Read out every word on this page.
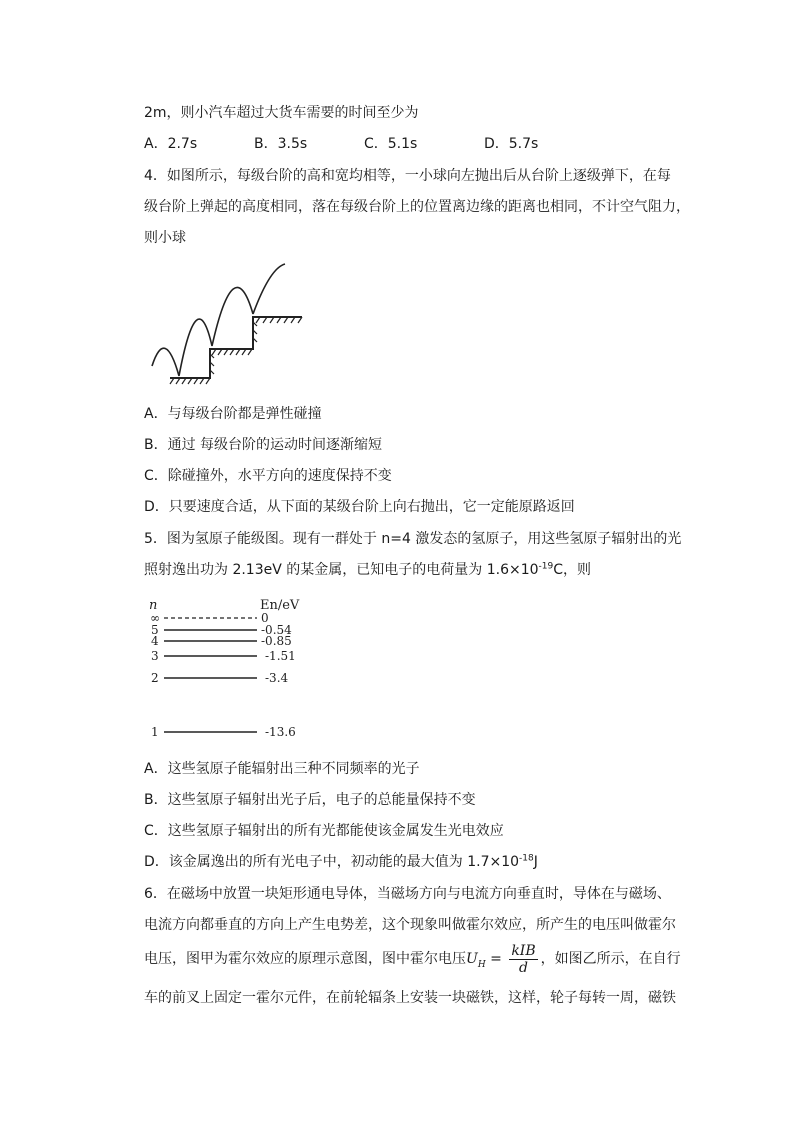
2m，则小汽车超过大货车需要的时间至少为
A．2.7s	B．3.5s	C．5.1s	D．5.7s
4．如图所示，每级台阶的高和宽均相等，一小球向左抛出后从台阶上逐级弹下，在每
级台阶上弹起的高度相同，落在每级台阶上的位置离边缘的距离也相同，不计空气阻力，
则小球
A．与每级台阶都是弹性碰撞
B．通过 每级台阶的运动时间逐渐缩短
C．除碰撞外，水平方向的速度保持不变
D．只要速度合适，从下面的某级台阶上向右抛出，它一定能原路返回
5．图为氢原子能级图。现有一群处于 n=4 激发态的氢原子，用这些氢原子辐射出的光
照射逸出功为 2.13eV 的某金属，已知电子的电荷量为 $1.6\times 10^{-19}C$，则
n	En/eV
∞	0
5	-0.54
4	-0.85
3	-1.51
2	-3.4
1	-13.6
A．这些氢原子能辐射出三种不同频率的光子
B．这些氢原子辐射出光子后，电子的总能量保持不变
C．这些氢原子辐射出的所有光都能使该金属发生光电效应
D．该金属逸出的所有光电子中，初动能的最大值为 $1.7\times 10^{-18}J$
6．在磁场中放置一块矩形通电导体，当磁场方向与电流方向垂直时，导体在与磁场、
电流方向都垂直的方向上产生电势差，这个现象叫做霍尔效应，所产生的电压叫做霍尔
电压，图甲为霍尔效应的原理示意图，图中霍尔电压$U_H = \frac{\text{kIB}}{d}$ ，如图乙所示，在自行
车的前叉上固定一霍尔元件，在前轮辐条上安装一块磁铁，这样，轮子每转一周，磁铁
